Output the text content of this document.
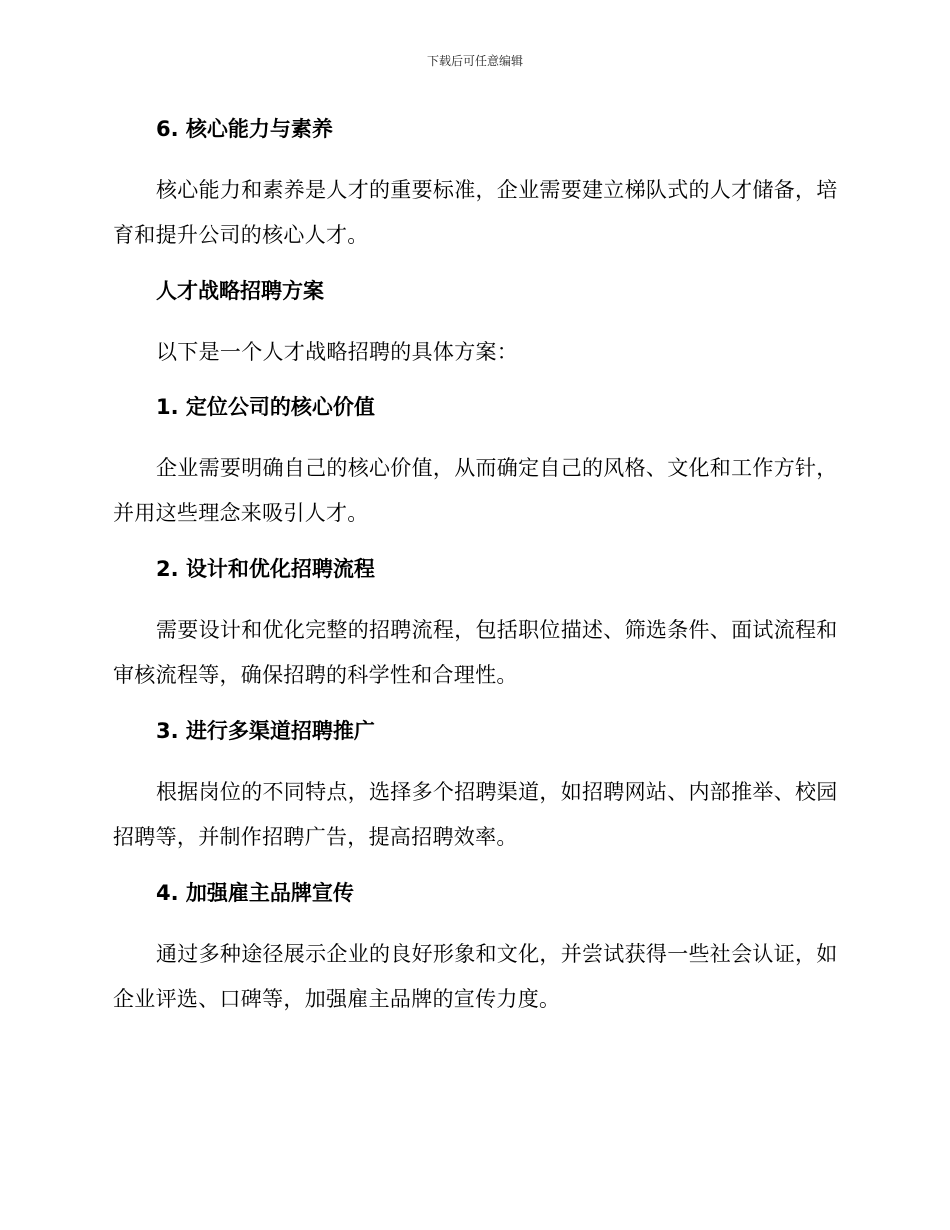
下载后可任意编辑
6. 核心能力与素养

核心能力和素养是人才的重要标准，企业需要建立梯队式的人才储备，培育和提升公司的核心人才。

人才战略招聘方案

以下是一个人才战略招聘的具体方案：

1. 定位公司的核心价值

企业需要明确自己的核心价值，从而确定自己的风格、文化和工作方针，并用这些理念来吸引人才。

2. 设计和优化招聘流程

需要设计和优化完整的招聘流程，包括职位描述、筛选条件、面试流程和审核流程等，确保招聘的科学性和合理性。

3. 进行多渠道招聘推广

根据岗位的不同特点，选择多个招聘渠道，如招聘网站、内部推举、校园招聘等，并制作招聘广告，提高招聘效率。

4. 加强雇主品牌宣传

通过多种途径展示企业的良好形象和文化，并尝试获得一些社会认证，如企业评选、口碑等，加强雇主品牌的宣传力度。
